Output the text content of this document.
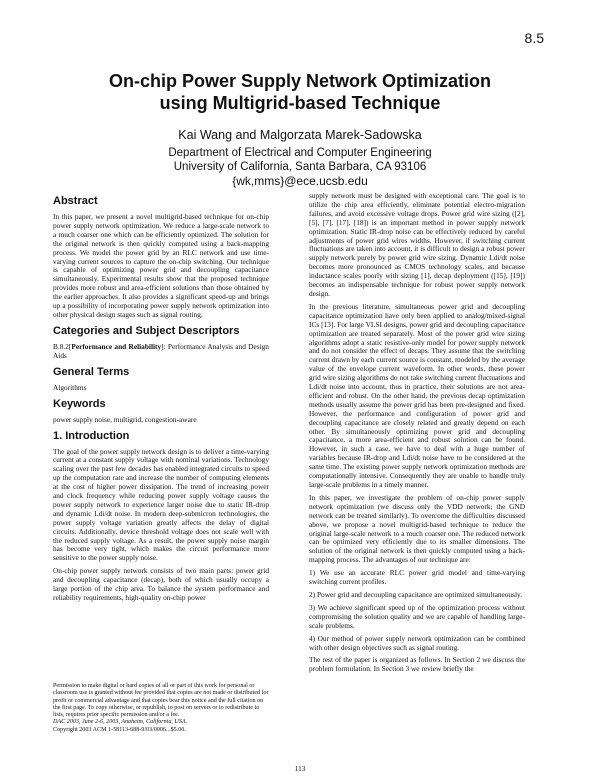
8.5
On-chip Power Supply Network Optimization
using Multigrid-based Technique
Kai Wang and Malgorzata Marek-Sadowska
Department of Electrical and Computer Engineering
University of California, Santa Barbara, CA 93106
{wk,mms}@ece.ucsb.edu
Abstract

In this paper, we present a novel multigrid-based technique for on-chip power supply network optimization. We reduce a large-scale network to a much coarser one which can be efficiently optimized. The solution for the original network is then quickly computed using a back-mapping process. We model the power grid by an RLC network and use time-varying current sources to capture the on-chip switching. Our technique is capable of optimizing power grid and decoupling capacitance simultaneously. Experimental results show that the proposed technique provides more robust and area-efficient solutions than those obtained by the earlier approaches. It also provides a significant speed-up and brings up a possibility of incorporating power supply network optimization into other physical design stages such as signal routing.

Categories and Subject Descriptors

B.8.2[Performance and Reliability]: Performance Analysis and Design Aids

General Terms

Algorithms

Keywords

power supply noise, multigrid, congestion-aware

1. Introduction

The goal of the power supply network design is to deliver a time-varying current at a constant supply voltage with nominal variations. Technology scaling over the past few decades has enabled integrated circuits to speed up the computation rate and increase the number of computing elements at the cost of higher power dissipation. The trend of increasing power and clock frequency while reducing power supply voltage causes the power supply network to experience larger noise due to static IR-drop and dynamic Ldi/dt noise. In modern deep-submicron technologies, the power supply voltage variation greatly affects the delay of digital circuits. Additionally, device threshold voltage does not scale well with the reduced supply voltage. As a result, the power supply noise margin has become very tight, which makes the circuit performance more sensitive to the power supply noise.

On-chip power supply network consists of two main parts: power grid and decoupling capacitance (decap), both of which usually occupy a large portion of the chip area. To balance the system performance and reliability requirements, high-quality on-chip power

Permission to make digital or hard copies of all or part of this work for personal or classroom use is granted without fee provided that copies are not made or distributed for profit or commercial advantage and that copies bear this notice and the full citation on the first page. To copy otherwise, or republish, to post on servers or to redistribute to lists, requires prior specific permission and/or a fee.
DAC 2003, June 2-6, 2003, Anaheim, California, USA.
Copyright 2003 ACM 1-58113-688-9/03/0006...$5.00.

supply network must be designed with exceptional care. The goal is to utilize the chip area efficiently, eliminate potential electro-migration failures, and avoid excessive voltage drops. Power grid wire sizing ([2], [5], [7], [17], [18]) is an important method in power supply network optimization. Static IR-drop noise can be effectively reduced by careful adjustments of power grid wires widths. However, if switching current fluctuations are taken into account, it is difficult to design a robust power supply network purely by power grid wire sizing. Dynamic Ldi/dt noise becomes more pronounced as CMOS technology scales, and because inductance scales poorly with sizing [1], decap deployment ([15], [19]) becomes an indispensable technique for robust power supply network design.

In the previous literature, simultaneous power grid and decoupling capacitance optimization have only been applied to analog/mixed-signal ICs [13]. For large VLSI designs, power grid and decoupling capacitance optimization are treated separately. Most of the power grid wire sizing algorithms adopt a static resistive-only model for power supply network and do not consider the effect of decaps. They assume that the switching current drawn by each current source is constant, modeled by the average value of the envelope current waveform. In other words, these power grid wire sizing algorithms do not take switching current fluctuations and Ldi/dt noise into account, thus in practice, their solutions are not area-efficient and robust. On the other hand, the previous decap optimization methods usually assume the power grid has been pre-designed and fixed. However, the performance and configuration of power grid and decoupling capacitance are closely related and greatly depend on each other. By simultaneously optimizing power grid and decoupling capacitance, a more area-efficient and robust solution can be found. However, in such a case, we have to deal with a huge number of variables because IR-drop and Ldi/dt noise have to be considered at the same time. The existing power supply network optimization methods are computationally intensive. Consequently they are unable to handle truly large-scale problems in a timely manner.

In this paper, we investigate the problem of on-chip power supply network optimization (we discuss only the VDD network; the GND network can be treated similarly). To overcome the difficulties discussed above, we propose a novel multigrid-based technique to reduce the original large-scale network to a much coarser one. The reduced network can be optimized very efficiently due to its smaller dimensions. The solution of the original network is then quickly computed using a back-mapping process. The advantages of our technique are:

1) We use an accurate RLC power grid model and time-varying switching current profiles.

2) Power grid and decoupling capacitance are optimized simultaneously.

3) We achieve significant speed up of the optimization process without compromising the solution quality and we are capable of handling large-scale problems.

4) Our method of power supply network optimization can be combined with other design objectives such as signal routing.

The rest of the paper is organized as follows. In Section 2 we discuss the problem formulation. In Section 3 we review briefly the

113
